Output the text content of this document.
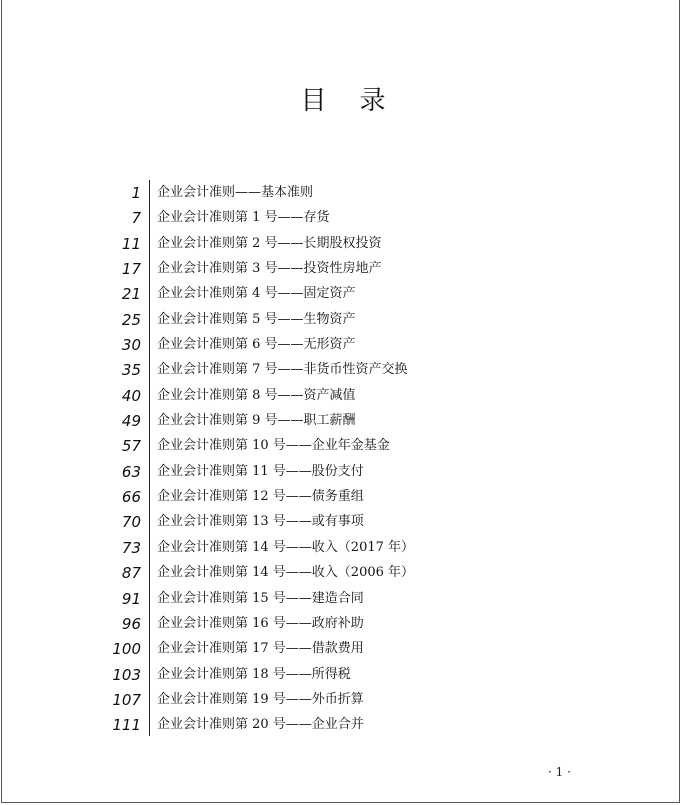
目    录
1 企业会计准则——基本准则
7 企业会计准则第 1 号——存货
11 企业会计准则第 2 号——长期股权投资
17 企业会计准则第 3 号——投资性房地产
21 企业会计准则第 4 号——固定资产
25 企业会计准则第 5 号——生物资产
30 企业会计准则第 6 号——无形资产
35 企业会计准则第 7 号——非货币性资产交换
40 企业会计准则第 8 号——资产减值
49 企业会计准则第 9 号——职工薪酬
57 企业会计准则第 10 号——企业年金基金
63 企业会计准则第 11 号——股份支付
66 企业会计准则第 12 号——债务重组
70 企业会计准则第 13 号——或有事项
73 企业会计准则第 14 号——收入（2017 年）
87 企业会计准则第 14 号——收入（2006 年）
91 企业会计准则第 15 号——建造合同
96 企业会计准则第 16 号——政府补助
100 企业会计准则第 17 号——借款费用
103 企业会计准则第 18 号——所得税
107 企业会计准则第 19 号——外币折算
111 企业会计准则第 20 号——企业合并
· 1 ·
